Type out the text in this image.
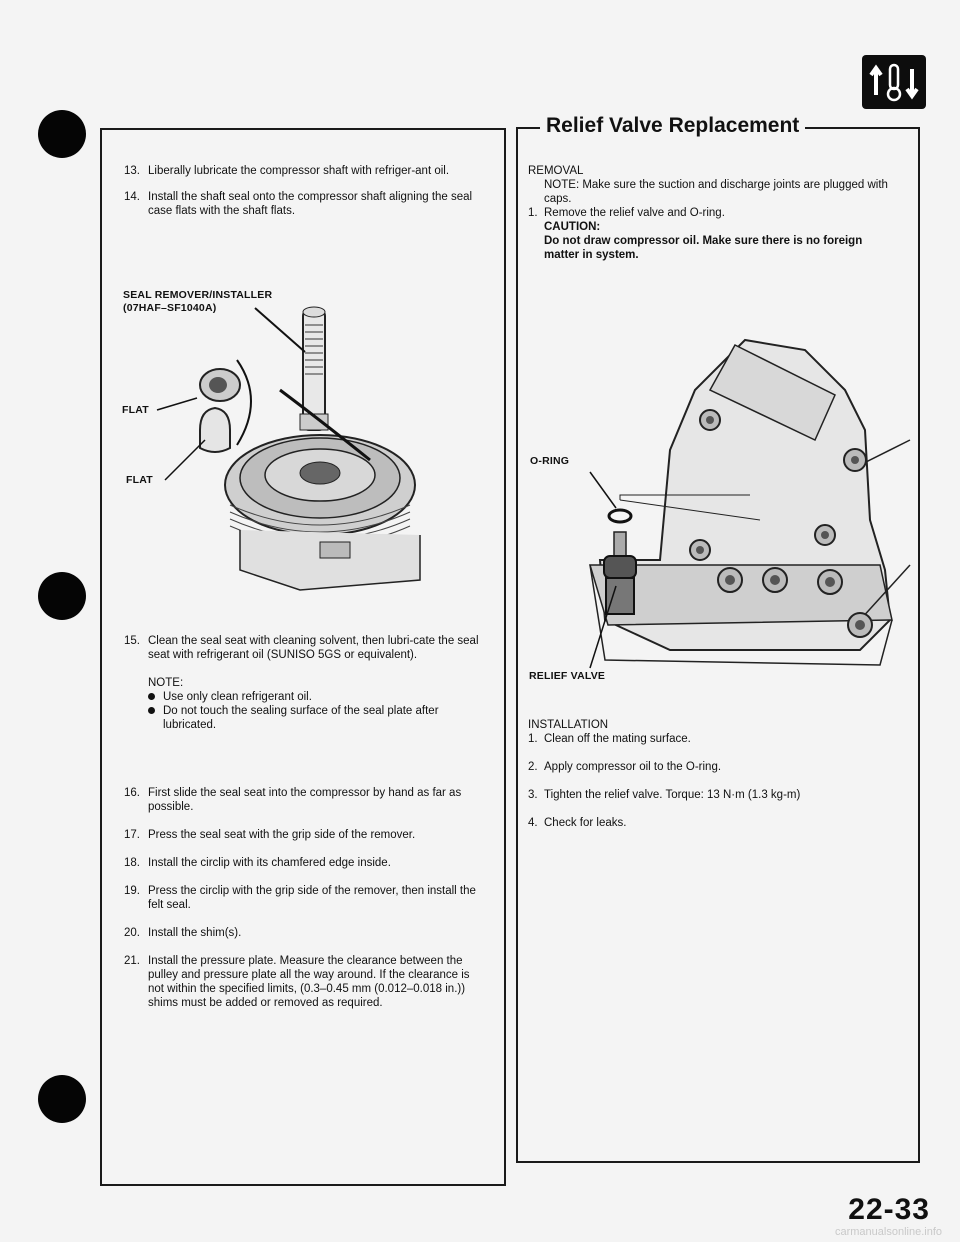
13. Liberally lubricate the compressor shaft with refriger-ant oil.
14. Install the shaft seal onto the compressor shaft aligning the seal case flats with the shaft flats.
SEAL REMOVER/INSTALLER
(07HAF–SF1040A)
FLAT
FLAT
15. Clean the seal seat with cleaning solvent, then lubri-cate the seal seat with refrigerant oil (SUNISO 5GS or equivalent).
NOTE:
Use only clean refrigerant oil.
Do not touch the sealing surface of the seal plate after lubricated.
16. First slide the seal seat into the compressor by hand as far as possible.
17. Press the seal seat with the grip side of the remover.
18. Install the circlip with its chamfered edge inside.
19. Press the circlip with the grip side of the remover, then install the felt seal.
20. Install the shim(s).
21. Install the pressure plate. Measure the clearance between the pulley and pressure plate all the way around. If the clearance is not within the specified limits, (0.3–0.45 mm (0.012–0.018 in.)) shims must be added or removed as required.
Relief Valve Replacement
REMOVAL
NOTE: Make sure the suction and discharge joints are plugged with caps.
1. Remove the relief valve and O-ring.
CAUTION:
Do not draw compressor oil. Make sure there is no foreign matter in system.
O-RING
RELIEF VALVE
INSTALLATION
1. Clean off the mating surface.
2. Apply compressor oil to the O-ring.
3. Tighten the relief valve. Torque: 13 N·m (1.3 kg-m)
4. Check for leaks.
22-33
carmanualsonline.info
